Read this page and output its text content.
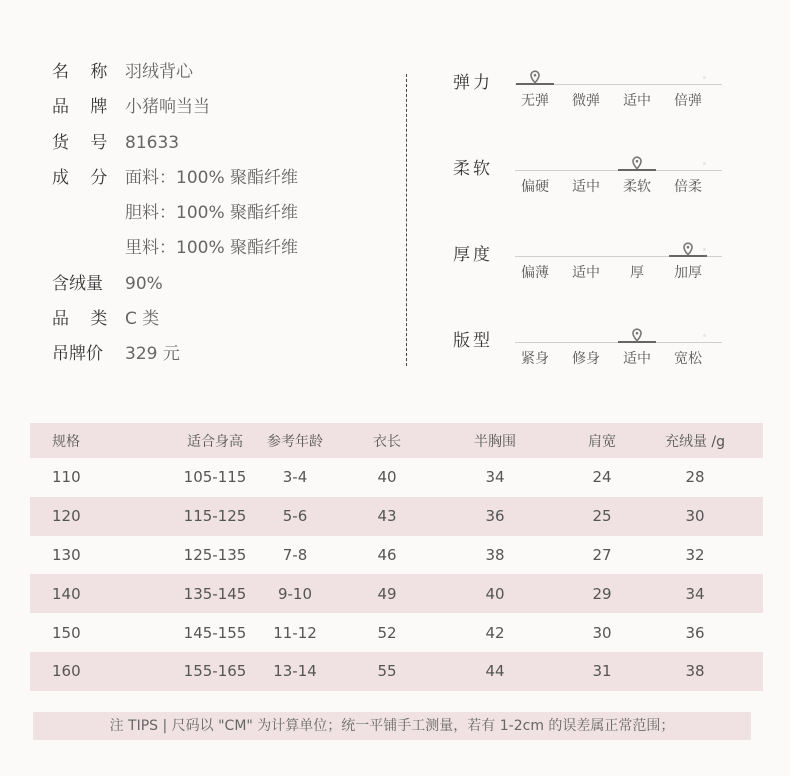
名 称 羽绒背心
品 牌 小猪响当当
货 号 81633
成 分 面料：100% 聚酯纤维
胆料：100% 聚酯纤维
里料：100% 聚酯纤维
含绒量 90%
品 类 C 类
吊牌价 329 元
弹力
无弹	微弹	适中	倍弹
柔软
偏硬	适中	柔软	倍柔
厚度
偏薄	适中	厚	加厚
版型
紧身	修身	适中	宽松
规格	适合身高	参考年龄	衣长	半胸围	肩宽	充绒量 /g
110	105-115	3-4	40	34	24	28
120	115-125	5-6	43	36	25	30
130	125-135	7-8	46	38	27	32
140	135-145	9-10	49	40	29	34
150	145-155	11-12	52	42	30	36
160	155-165	13-14	55	44	31	38
注 TIPS | 尺码以 "CM" 为计算单位；统一平铺手工测量，若有 1-2cm 的误差属正常范围；
